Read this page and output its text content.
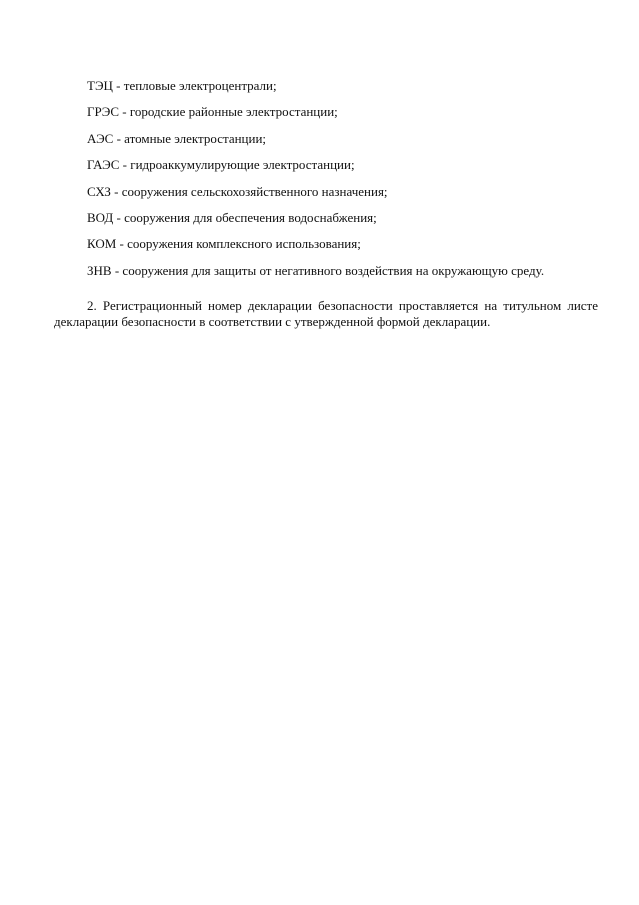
ТЭЦ - тепловые электроцентрали;
ГРЭС - городские районные электростанции;
АЭС - атомные электростанции;
ГАЭС - гидроаккумулирующие электростанции;
СХЗ - сооружения сельскохозяйственного назначения;
ВОД - сооружения для обеспечения водоснабжения;
КОМ - сооружения комплексного использования;
ЗНВ - сооружения для защиты от негативного воздействия на окружающую среду.

2. Регистрационный номер декларации безопасности проставляется на титульном листе декларации безопасности в соответствии с утвержденной формой декларации.
